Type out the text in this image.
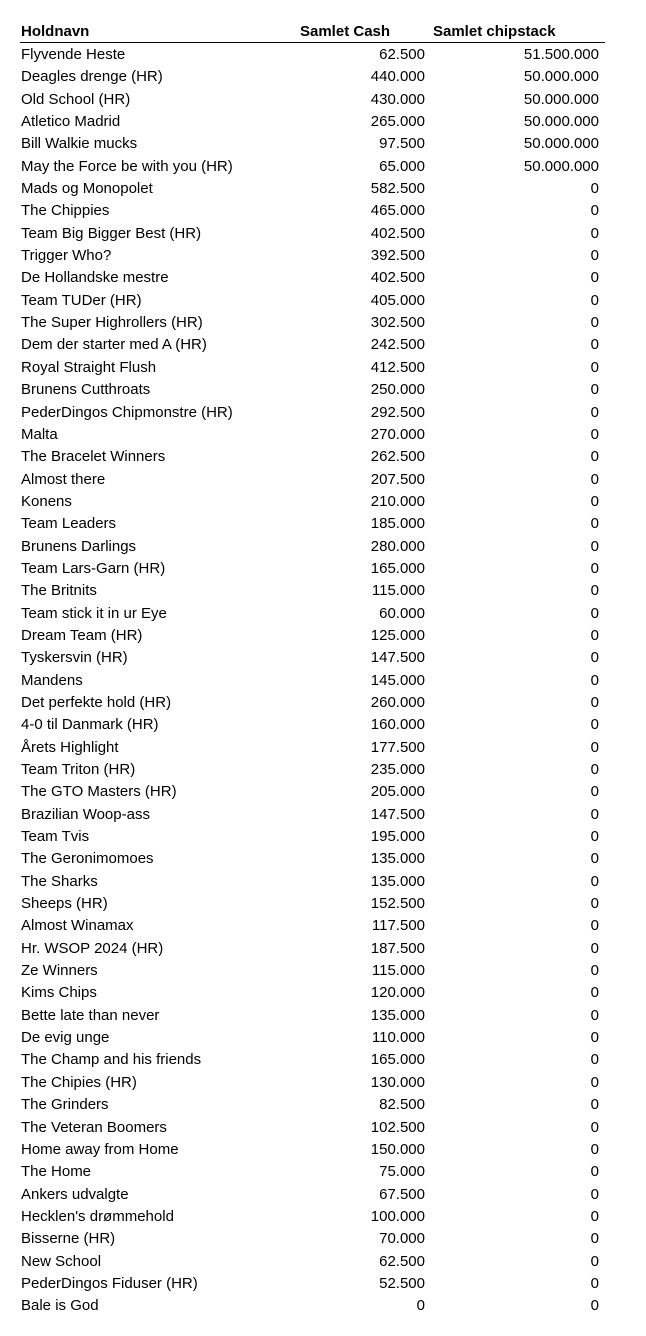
Holdnavn	Samlet Cash	Samlet chipstack
Flyvende Heste	62.500	51.500.000
Deagles drenge (HR)	440.000	50.000.000
Old School (HR)	430.000	50.000.000
Atletico Madrid	265.000	50.000.000
Bill Walkie mucks	97.500	50.000.000
May the Force be with you (HR)	65.000	50.000.000
Mads og Monopolet	582.500	0
The Chippies	465.000	0
Team Big Bigger Best (HR)	402.500	0
Trigger Who?	392.500	0
De Hollandske mestre	402.500	0
Team TUDer (HR)	405.000	0
The Super Highrollers (HR)	302.500	0
Dem der starter med A (HR)	242.500	0
Royal Straight Flush	412.500	0
Brunens Cutthroats	250.000	0
PederDingos Chipmonstre (HR)	292.500	0
Malta	270.000	0
The Bracelet Winners	262.500	0
Almost there	207.500	0
Konens	210.000	0
Team Leaders	185.000	0
Brunens Darlings	280.000	0
Team Lars-Garn (HR)	165.000	0
The Britnits	115.000	0
Team stick it in ur Eye	60.000	0
Dream Team (HR)	125.000	0
Tyskersvin (HR)	147.500	0
Mandens	145.000	0
Det perfekte hold (HR)	260.000	0
4-0 til Danmark (HR)	160.000	0
Årets Highlight	177.500	0
Team Triton (HR)	235.000	0
The GTO Masters (HR)	205.000	0
Brazilian Woop-ass	147.500	0
Team Tvis	195.000	0
The Geronimomoes	135.000	0
The Sharks	135.000	0
Sheeps (HR)	152.500	0
Almost Winamax	117.500	0
Hr. WSOP 2024 (HR)	187.500	0
Ze Winners	115.000	0
Kims Chips	120.000	0
Bette late than never	135.000	0
De evig unge	110.000	0
The Champ and his friends	165.000	0
The Chipies (HR)	130.000	0
The Grinders	82.500	0
The Veteran Boomers	102.500	0
Home away from Home	150.000	0
The Home	75.000	0
Ankers udvalgte	67.500	0
Hecklen's drømmehold	100.000	0
Bisserne (HR)	70.000	0
New School	62.500	0
PederDingos Fiduser (HR)	52.500	0
Bale is God	0	0
